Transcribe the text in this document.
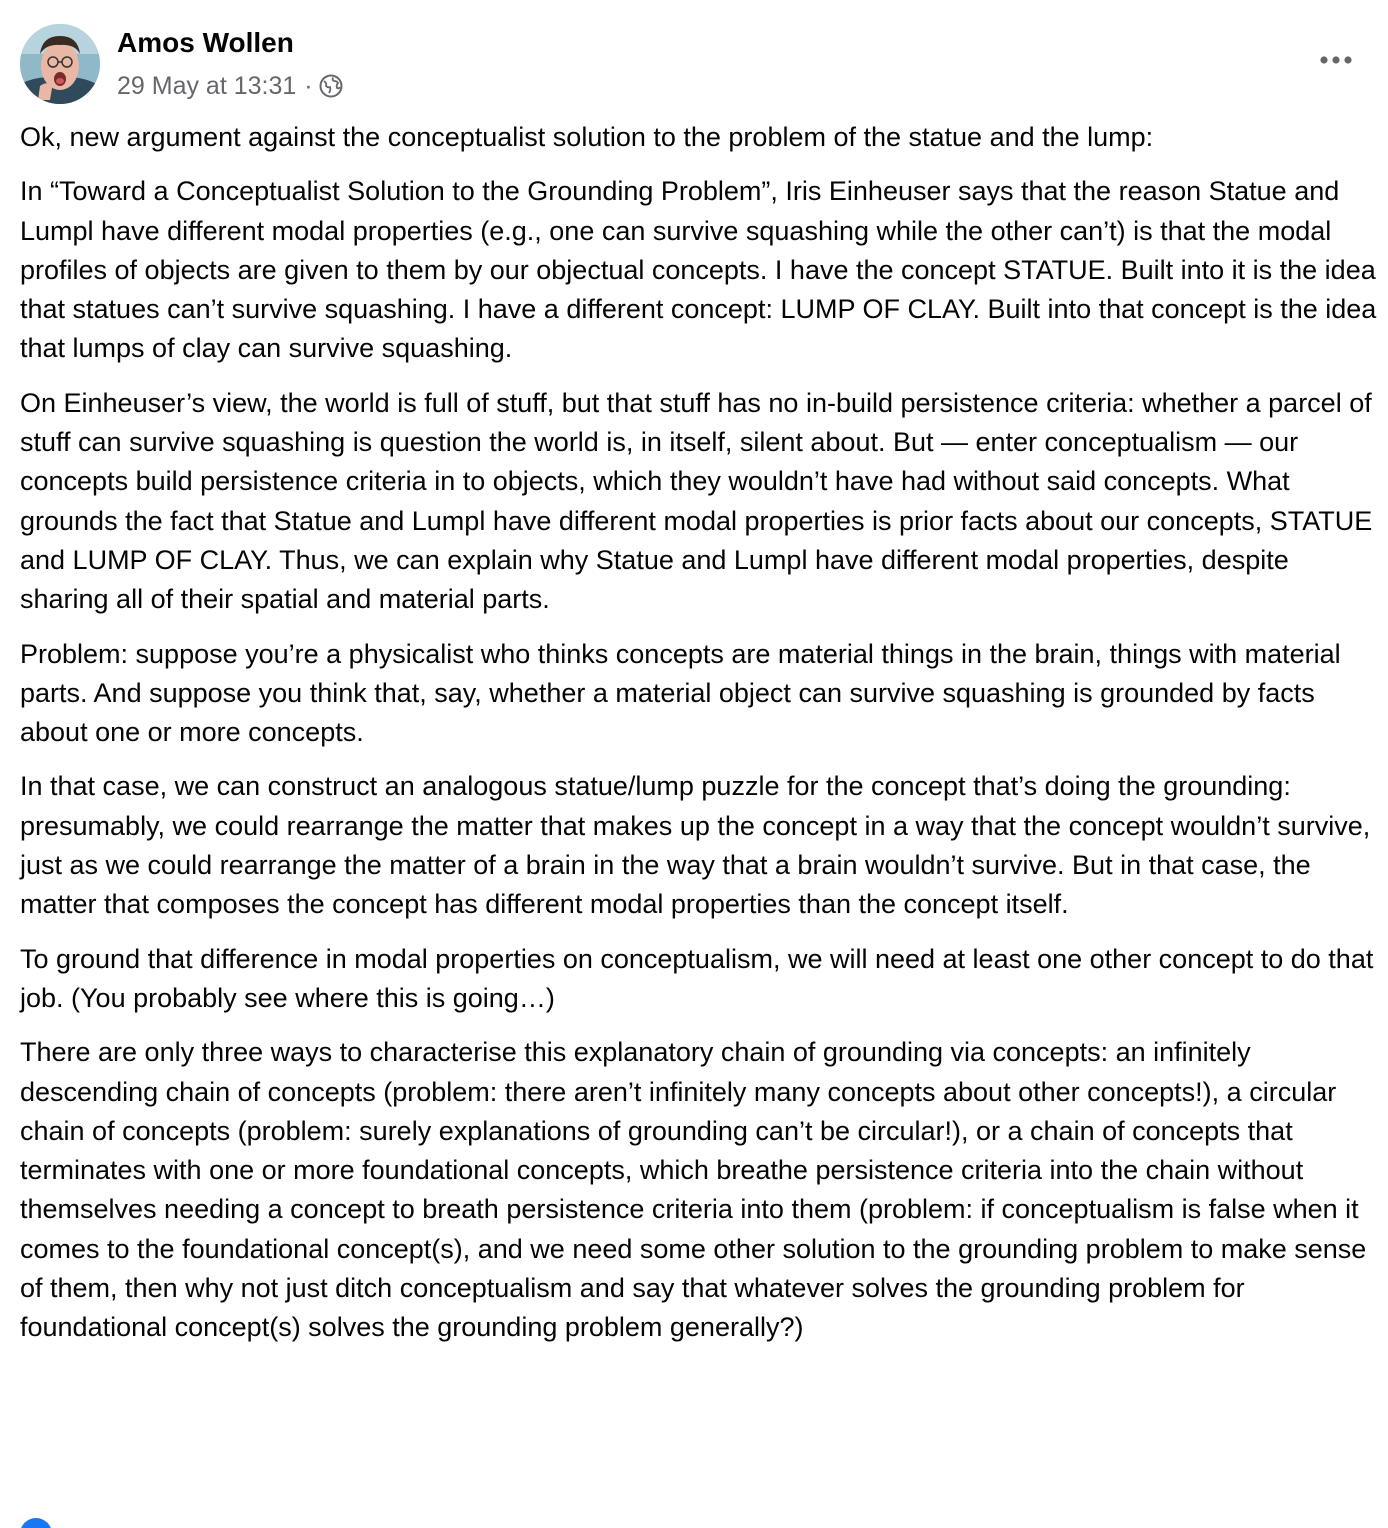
Amos Wollen
29 May at 13:31 ·

Ok, new argument against the conceptualist solution to the problem of the statue and the lump:

In “Toward a Conceptualist Solution to the Grounding Problem”, Iris Einheuser says that the reason Statue and Lumpl have different modal properties (e.g., one can survive squashing while the other can’t) is that the modal profiles of objects are given to them by our objectual concepts. I have the concept STATUE. Built into it is the idea that statues can’t survive squashing. I have a different concept: LUMP OF CLAY. Built into that concept is the idea that lumps of clay can survive squashing.

On Einheuser’s view, the world is full of stuff, but that stuff has no in-build persistence criteria: whether a parcel of stuff can survive squashing is question the world is, in itself, silent about. But — enter conceptualism — our concepts build persistence criteria in to objects, which they wouldn’t have had without said concepts. What grounds the fact that Statue and Lumpl have different modal properties is prior facts about our concepts, STATUE and LUMP OF CLAY. Thus, we can explain why Statue and Lumpl have different modal properties, despite sharing all of their spatial and material parts.

Problem: suppose you’re a physicalist who thinks concepts are material things in the brain, things with material parts. And suppose you think that, say, whether a material object can survive squashing is grounded by facts about one or more concepts.

In that case, we can construct an analogous statue/lump puzzle for the concept that’s doing the grounding: presumably, we could rearrange the matter that makes up the concept in a way that the concept wouldn’t survive, just as we could rearrange the matter of a brain in the way that a brain wouldn’t survive. But in that case, the matter that composes the concept has different modal properties than the concept itself.

To ground that difference in modal properties on conceptualism, we will need at least one other concept to do that job. (You probably see where this is going…)

There are only three ways to characterise this explanatory chain of grounding via concepts: an infinitely descending chain of concepts (problem: there aren’t infinitely many concepts about other concepts!), a circular chain of concepts (problem: surely explanations of grounding can’t be circular!), or a chain of concepts that terminates with one or more foundational concepts, which breathe persistence criteria into the chain without themselves needing a concept to breath persistence criteria into them (problem: if conceptualism is false when it comes to the foundational concept(s), and we need some other solution to the grounding problem to make sense of them, then why not just ditch conceptualism and say that whatever solves the grounding problem for foundational concept(s) solves the grounding problem generally?)
